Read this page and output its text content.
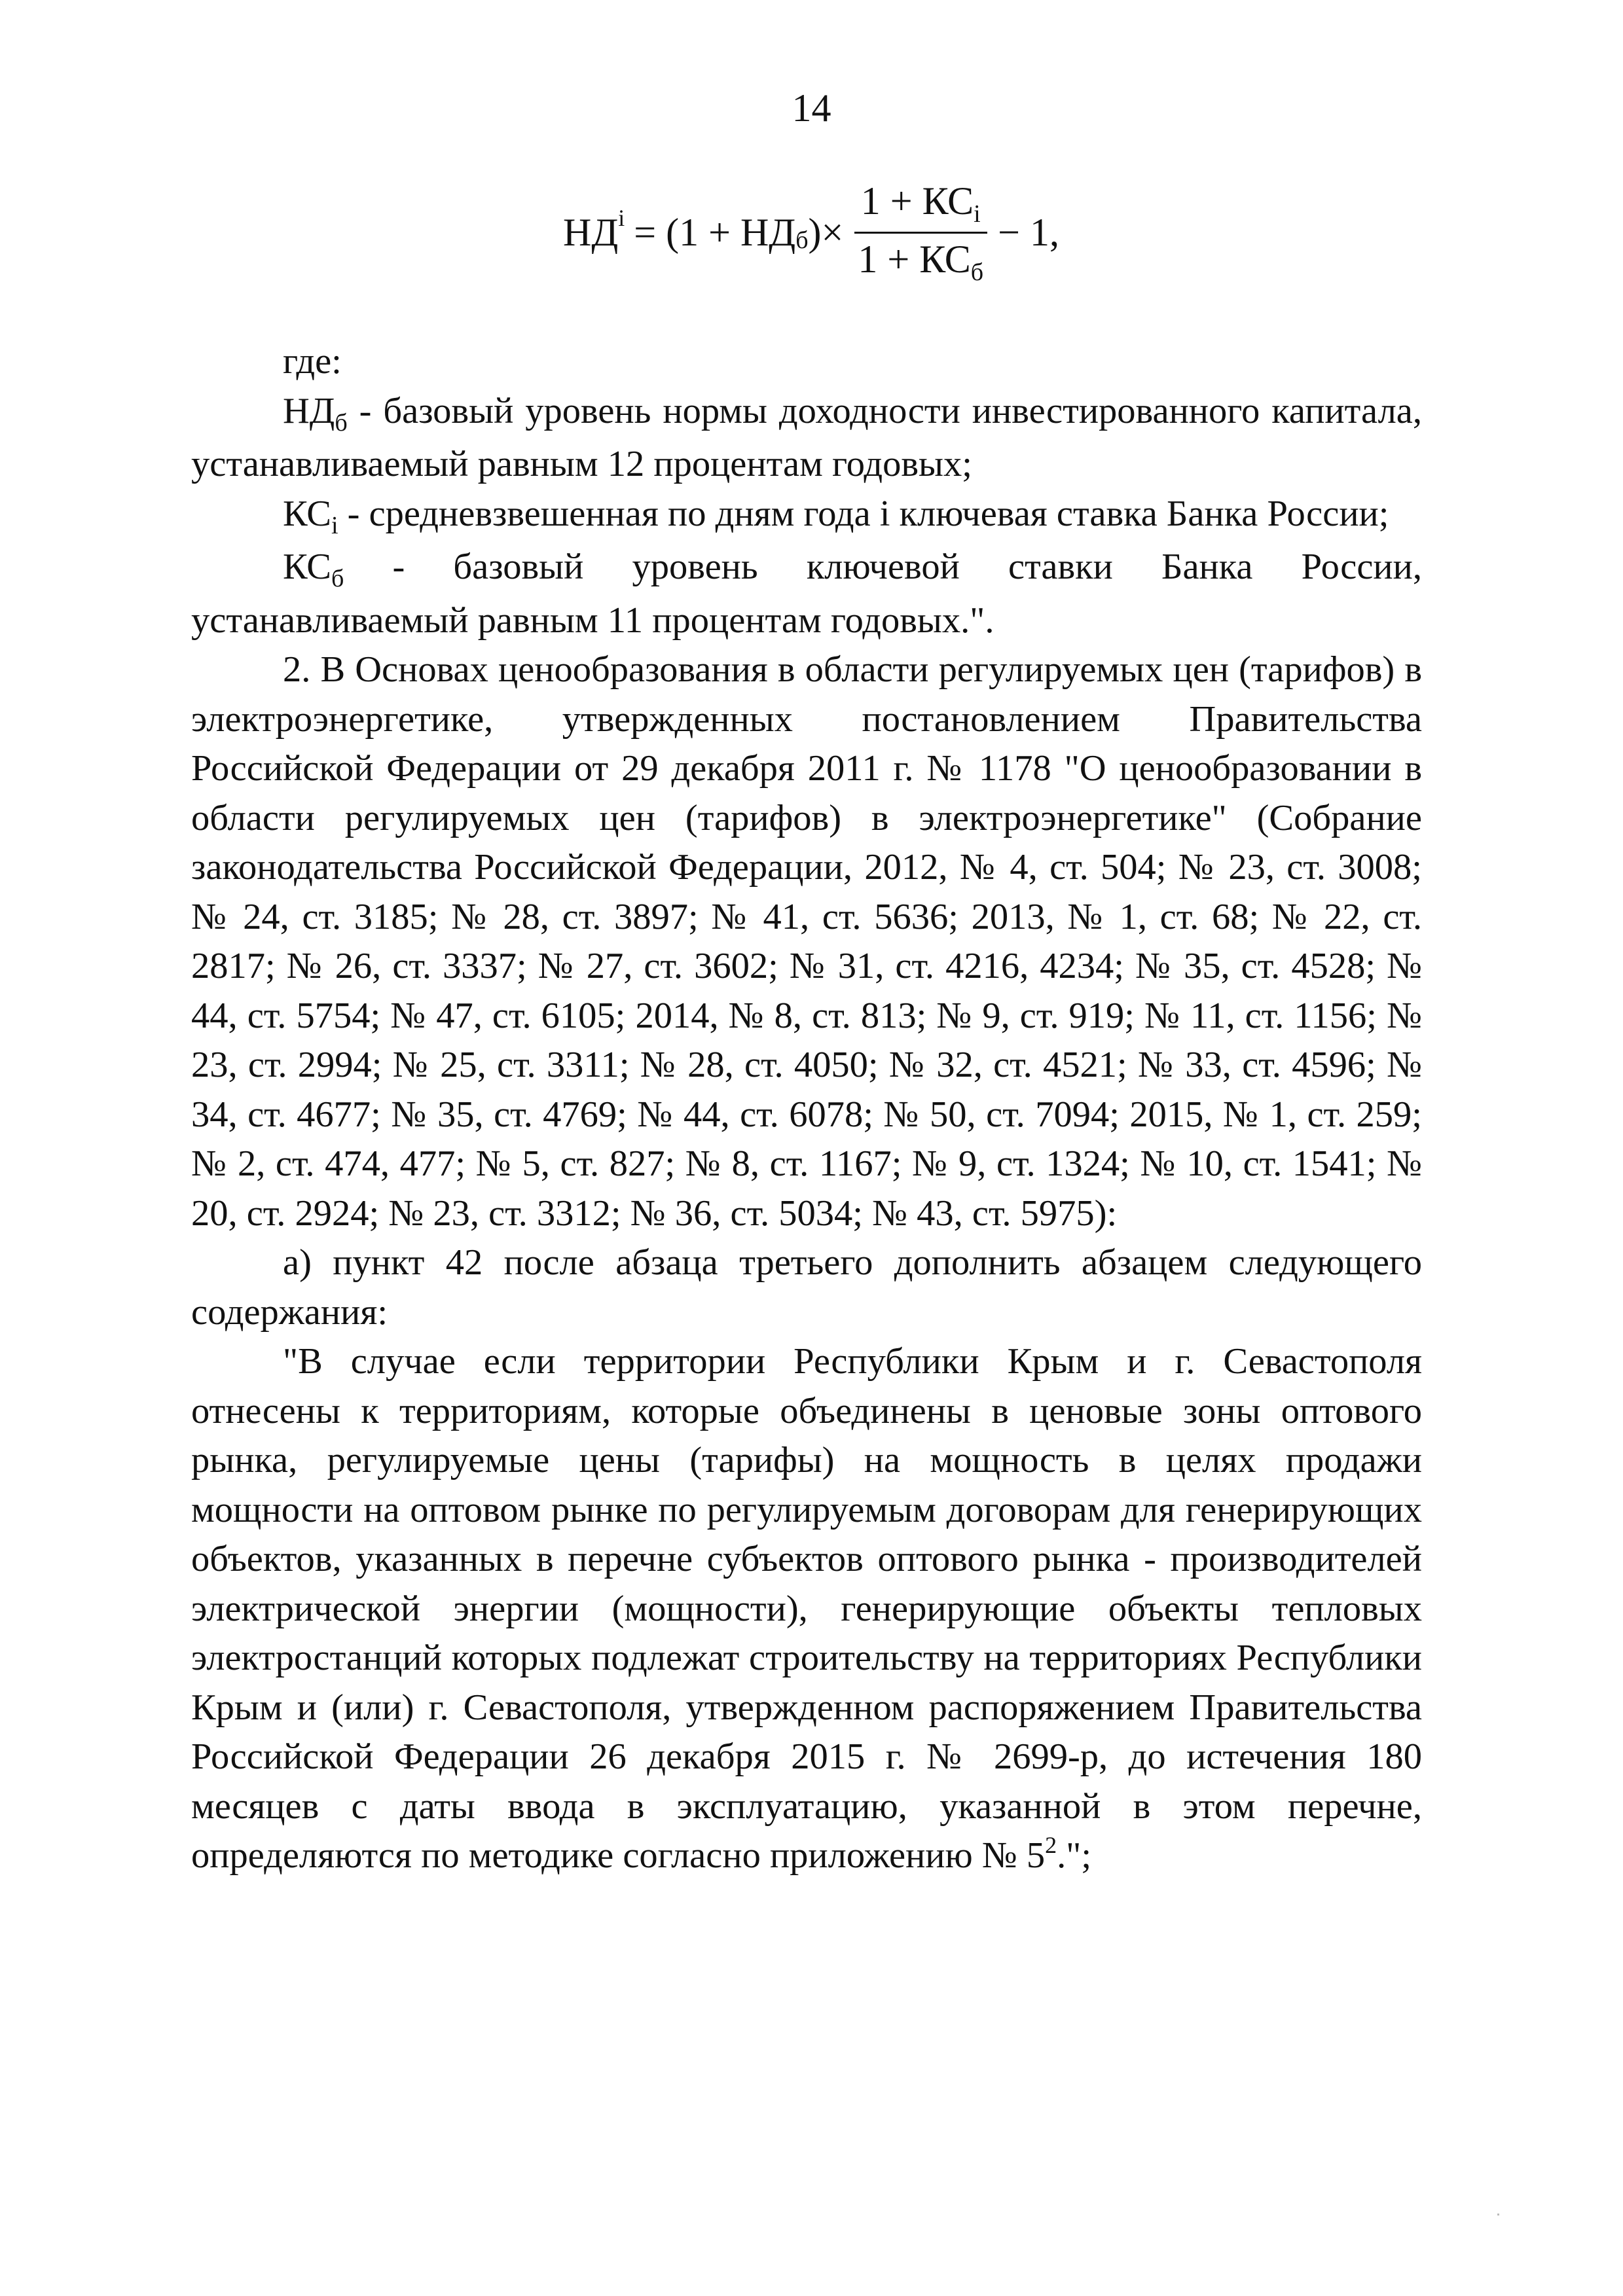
14
$НД^i = (1 + НД_б$ )× $\frac{1 + КС_i}{1 + КС_б} - 1$,

где:

$НД_б$ - базовый уровень нормы доходности инвестированного капитала, устанавливаемый равным 12 процентам годовых;

$КС_i$ - средневзвешенная по дням года i ключевая ставка Банка России;

$КС_б$ - базовый уровень ключевой ставки Банка России, устанавливаемый равным 11 процентам годовых.".

2. В Основах ценообразования в области регулируемых цен (тарифов) в электроэнергетике, утвержденных постановлением Правительства Российской Федерации от 29 декабря 2011 г. № 1178 "О ценообразовании в области регулируемых цен (тарифов) в электроэнергетике" (Собрание законодательства Российской Федерации, 2012, № 4, ст. 504; № 23, ст. 3008; № 24, ст. 3185; № 28, ст. 3897; № 41, ст. 5636; 2013, № 1, ст. 68; № 22, ст. 2817; № 26, ст. 3337; № 27, ст. 3602; № 31, ст. 4216, 4234; № 35, ст. 4528; № 44, ст. 5754; № 47, ст. 6105; 2014, № 8, ст. 813; № 9, ст. 919; № 11, ст. 1156; № 23, ст. 2994; № 25, ст. 3311; № 28, ст. 4050; № 32, ст. 4521; № 33, ст. 4596; № 34, ст. 4677; № 35, ст. 4769; № 44, ст. 6078; № 50, ст. 7094; 2015, № 1, ст. 259; № 2, ст. 474, 477; № 5, ст. 827; № 8, ст. 1167; № 9, ст. 1324; № 10, ст. 1541; № 20, ст. 2924; № 23, ст. 3312; № 36, ст. 5034; № 43, ст. 5975):

а) пункт 42 после абзаца третьего дополнить абзацем следующего содержания:

"В случае если территории Республики Крым и г. Севастополя отнесены к территориям, которые объединены в ценовые зоны оптового рынка, регулируемые цены (тарифы) на мощность в целях продажи мощности на оптовом рынке по регулируемым договорам для генерирующих объектов, указанных в перечне субъектов оптового рынка - производителей электрической энергии (мощности), генерирующие объекты тепловых электростанций которых подлежат строительству на территориях Республики Крым и (или) г. Севастополя, утвержденном распоряжением Правительства Российской Федерации 26 декабря 2015 г. № 2699-р, до истечения 180 месяцев с даты ввода в эксплуатацию, указанной в этом перечне, определяются по методике согласно приложению № $5^2$.";
